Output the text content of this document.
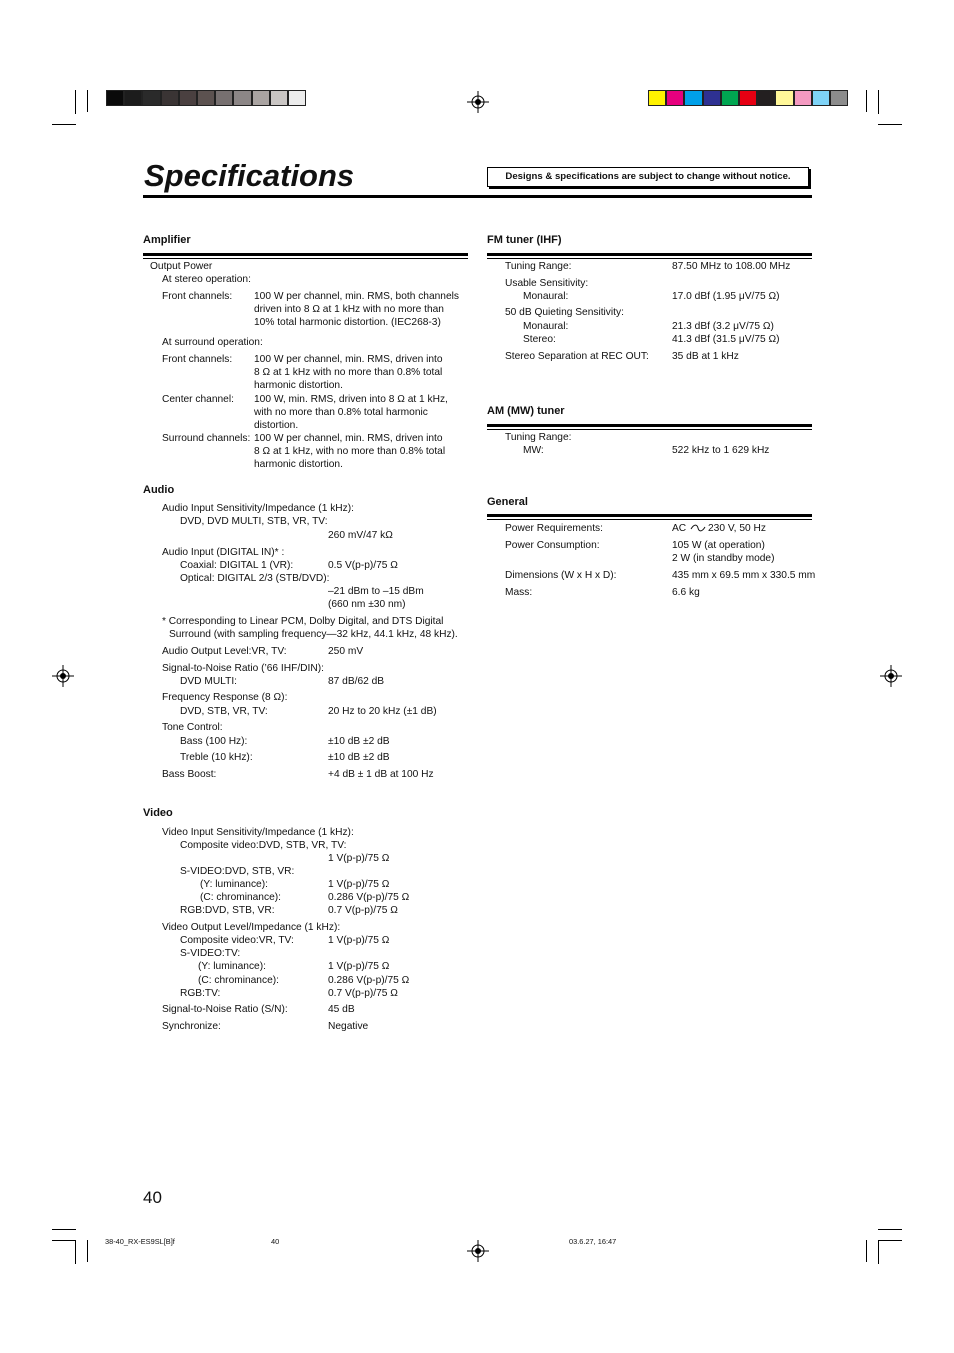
Specifications	Designs & specifications are subject to change without notice.
Amplifier
Output Power
At stereo operation:
Front channels: 100 W per channel, min. RMS, both channels
driven into 8 Ω at 1 kHz with no more than
10% total harmonic distortion. (IEC268-3)
At surround operation:
Front channels: 100 W per channel, min. RMS, driven into
8 Ω at 1 kHz with no more than 0.8% total
harmonic distortion.
Center channel: 100 W, min. RMS, driven into 8 Ω at 1 kHz,
with no more than 0.8% total harmonic
distortion.
Surround channels: 100 W per channel, min. RMS, driven into
8 Ω at 1 kHz, with no more than 0.8% total
harmonic distortion.
Audio
Audio Input Sensitivity/Impedance (1 kHz):
DVD, DVD MULTI, STB, VR, TV:
260 mV/47 kΩ
Audio Input (DIGITAL IN)* :
Coaxial: DIGITAL 1 (VR):	0.5 V(p-p)/75 Ω
Optical: DIGITAL 2/3 (STB/DVD):
–21 dBm to –15 dBm
(660 nm ±30 nm)
* Corresponding to Linear PCM, Dolby Digital, and DTS Digital
Surround (with sampling frequency—32 kHz, 44.1 kHz, 48 kHz).
Audio Output Level:VR, TV:	250 mV
Signal-to-Noise Ratio (’66 IHF/DIN):
DVD MULTI:	87 dB/62 dB
Frequency Response (8 Ω):
DVD, STB, VR, TV:	20 Hz to 20 kHz (±1 dB)
Tone Control:
Bass (100 Hz):	±10 dB ±2 dB
Treble (10 kHz):	±10 dB ±2 dB
Bass Boost:	+4 dB ± 1 dB at 100 Hz
Video
Video Input Sensitivity/Impedance (1 kHz):
Composite video:DVD, STB, VR, TV:
1 V(p-p)/75 Ω
S-VIDEO:DVD, STB, VR:
(Y: luminance):	1 V(p-p)/75 Ω
(C: chrominance):	0.286 V(p-p)/75 Ω
RGB:DVD, STB, VR:	0.7 V(p-p)/75 Ω
Video Output Level/Impedance (1 kHz):
Composite video:VR, TV:	1 V(p-p)/75 Ω
S-VIDEO:TV:
(Y: luminance):	1 V(p-p)/75 Ω
(C: chrominance):	0.286 V(p-p)/75 Ω
RGB:TV:	0.7 V(p-p)/75 Ω
Signal-to-Noise Ratio (S/N):	45 dB
Synchronize:	Negative
FM tuner (IHF)
Tuning Range:	87.50 MHz to 108.00 MHz
Usable Sensitivity:
Monaural:	17.0 dBf (1.95 μV/75 Ω)
50 dB Quieting Sensitivity:
Monaural:	21.3 dBf (3.2 μV/75 Ω)
Stereo:	41.3 dBf (31.5 μV/75 Ω)
Stereo Separation at REC OUT: 35 dB at 1 kHz
AM (MW) tuner
Tuning Range:
MW:	522 kHz to 1 629 kHz
General
Power Requirements:	AC 230 V, 50 Hz
Power Consumption:	105 W (at operation)
2 W (in standby mode)
Dimensions (W x H x D):	435 mm x 69.5 mm x 330.5 mm
Mass:	6.6 kg
40
38-40_RX-ES9SL[B]f	40	03.6.27, 16:47
